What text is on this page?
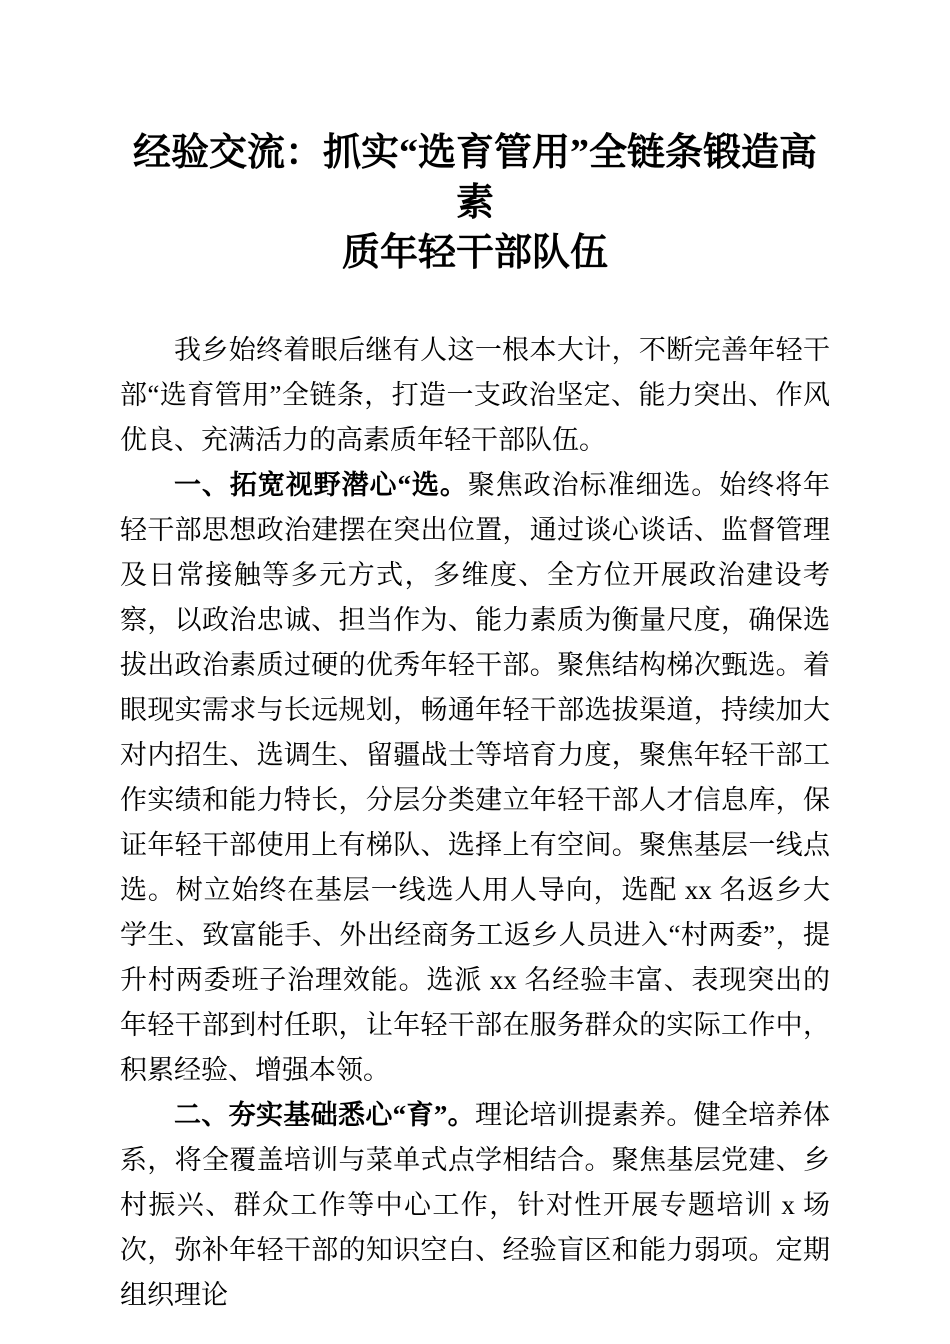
经验交流：抓实“选育管用”全链条锻造高素
质年轻干部队伍

我乡始终着眼后继有人这一根本大计，不断完善年轻干部“选育管用”全链条，打造一支政治坚定、能力突出、作风优良、充满活力的高素质年轻干部队伍。

一、拓宽视野潜心“选。聚焦政治标准细选。始终将年轻干部思想政治建摆在突出位置，通过谈心谈话、监督管理及日常接触等多元方式，多维度、全方位开展政治建设考察，以政治忠诚、担当作为、能力素质为衡量尺度，确保选拔出政治素质过硬的优秀年轻干部。聚焦结构梯次甄选。着眼现实需求与长远规划，畅通年轻干部选拔渠道，持续加大对内招生、选调生、留疆战士等培育力度，聚焦年轻干部工作实绩和能力特长，分层分类建立年轻干部人才信息库，保证年轻干部使用上有梯队、选择上有空间。聚焦基层一线点选。树立始终在基层一线选人用人导向，选配 xx 名返乡大学生、致富能手、外出经商务工返乡人员进入“村两委”，提升村两委班子治理效能。选派 xx 名经验丰富、表现突出的年轻干部到村任职，让年轻干部在服务群众的实际工作中，积累经验、增强本领。

二、夯实基础悉心“育”。理论培训提素养。健全培养体系，将全覆盖培训与菜单式点学相结合。聚焦基层党建、乡村振兴、群众工作等中心工作，针对性开展专题培训 x 场次，弥补年轻干部的知识空白、经验盲区和能力弱项。定期组织理论
